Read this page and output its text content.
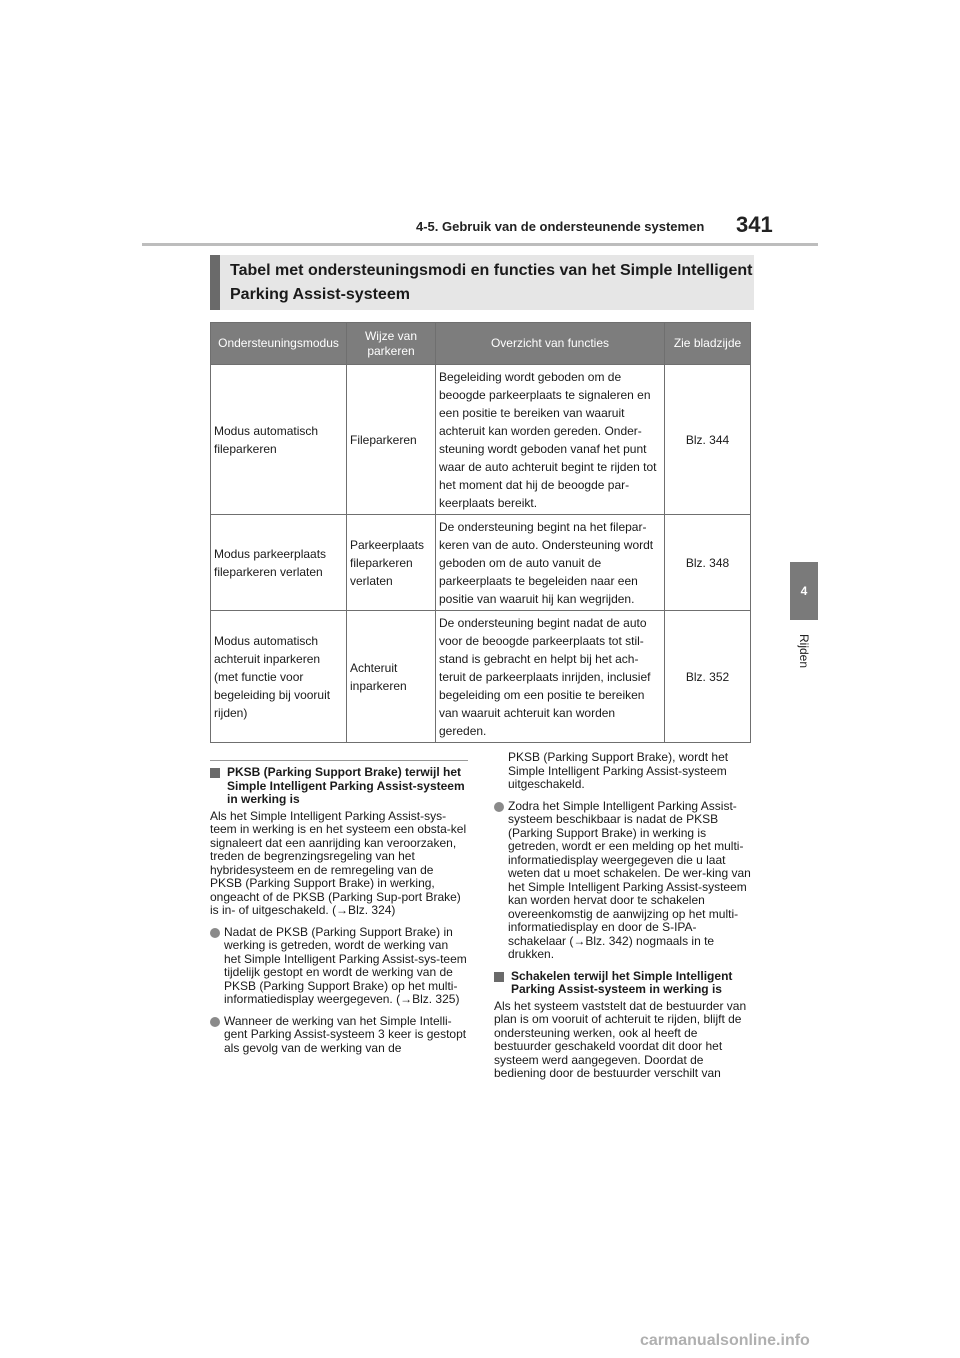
4-5. Gebruik van de ondersteunende systemen 341
4
Rijden
Tabel met ondersteuningsmodi en functies van het Simple Intelligent
Parking Assist-systeem
Ondersteuningsmodus	Wijze van parkeren	Overzicht van functies	Zie bladzijde
Modus automatisch fileparkeren	Fileparkeren	Begeleiding wordt geboden om de beoogde parkeerplaats te signaleren en een positie te bereiken van waaruit achteruit kan worden gereden. Onder-steuning wordt geboden vanaf het punt waar de auto achteruit begint te rijden tot het moment dat hij de beoogde par-keerplaats bereikt.	Blz. 344
Modus parkeerplaats fileparkeren verlaten	Parkeerplaats fileparkeren verlaten	De ondersteuning begint na het filepar-keren van de auto. Ondersteuning wordt geboden om de auto vanuit de parkeerplaats te begeleiden naar een positie van waaruit hij kan wegrijden.	Blz. 348
Modus automatisch achteruit inparkeren (met functie voor begeleiding bij vooruit rijden)	Achteruit inparkeren	De ondersteuning begint nadat de auto voor de beoogde parkeerplaats tot stil-stand is gebracht en helpt bij het ach-teruit de parkeerplaats inrijden, inclusief begeleiding om een positie te bereiken van waaruit achteruit kan worden gereden.	Blz. 352
PKSB (Parking Support Brake) terwijl het Simple Intelligent Parking Assist-systeem in werking is
Als het Simple Intelligent Parking Assist-sys-teem in werking is en het systeem een obsta-kel signaleert dat een aanrijding kan veroorzaken, treden de begrenzingsregeling van het hybridesysteem en de remregeling van de PKSB (Parking Support Brake) in werking, ongeacht of de PKSB (Parking Sup-port Brake) is in- of uitgeschakeld. (→Blz. 324)
Nadat de PKSB (Parking Support Brake) in werking is getreden, wordt de werking van het Simple Intelligent Parking Assist-sys-teem tijdelijk gestopt en wordt de werking van de PKSB (Parking Support Brake) op het multi-informatiedisplay weergegeven. (→Blz. 325)
Wanneer de werking van het Simple Intelli-gent Parking Assist-systeem 3 keer is gestopt als gevolg van de werking van de
PKSB (Parking Support Brake), wordt het Simple Intelligent Parking Assist-systeem uitgeschakeld.
Zodra het Simple Intelligent Parking Assist-systeem beschikbaar is nadat de PKSB (Parking Support Brake) in werking is getreden, wordt er een melding op het multi-informatiedisplay weergegeven die u laat weten dat u moet schakelen. De wer-king van het Simple Intelligent Parking Assist-systeem kan worden hervat door te schakelen overeenkomstig de aanwijzing op het multi-informatiedisplay en door de S-IPA-schakelaar (→Blz. 342) nogmaals in te drukken.
Schakelen terwijl het Simple Intelligent Parking Assist-systeem in werking is
Als het systeem vaststelt dat de bestuurder van plan is om vooruit of achteruit te rijden, blijft de ondersteuning werken, ook al heeft de bestuurder geschakeld voordat dit door het systeem werd aangegeven. Doordat de bediening door de bestuurder verschilt van
carmanualsonline.info
